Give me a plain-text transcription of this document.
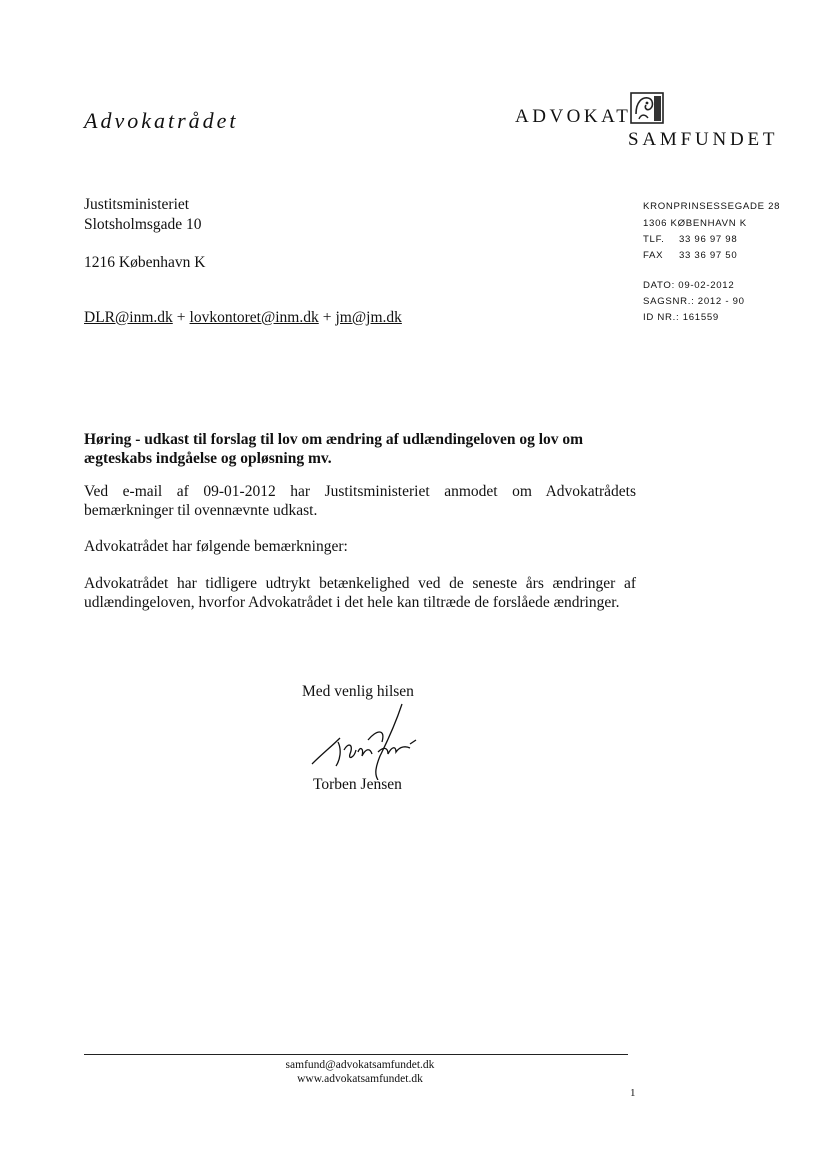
Advokatrådet	ADVOKAT
SAMFUNDET
Justitsministeriet
Slotsholmsgade 10
1216 København K
DLR@inm.dk + lovkontoret@inm.dk + jm@jm.dk
KRONPRINSESSEGADE 28
1306 KØBENHAVN K
TLF. 33 96 97 98
FAX 33 36 97 50
DATO: 09-02-2012
SAGSNR.: 2012 - 90
ID NR.: 161559
Høring - udkast til forslag til lov om ændring af udlændingeloven og lov om ægteskabs indgåelse og opløsning mv.
Ved e-mail af 09-01-2012 har Justitsministeriet anmodet om Advokatrådets bemærkninger til ovennævnte udkast.
Advokatrådet har følgende bemærkninger:
Advokatrådet har tidligere udtrykt betænkelighed ved de seneste års ændringer af udlændingeloven, hvorfor Advokatrådet i det hele kan tiltræde de forslåede ændringer.
Med venlig hilsen
Torben Jensen
samfund@advokatsamfundet.dk
www.advokatsamfundet.dk
1
